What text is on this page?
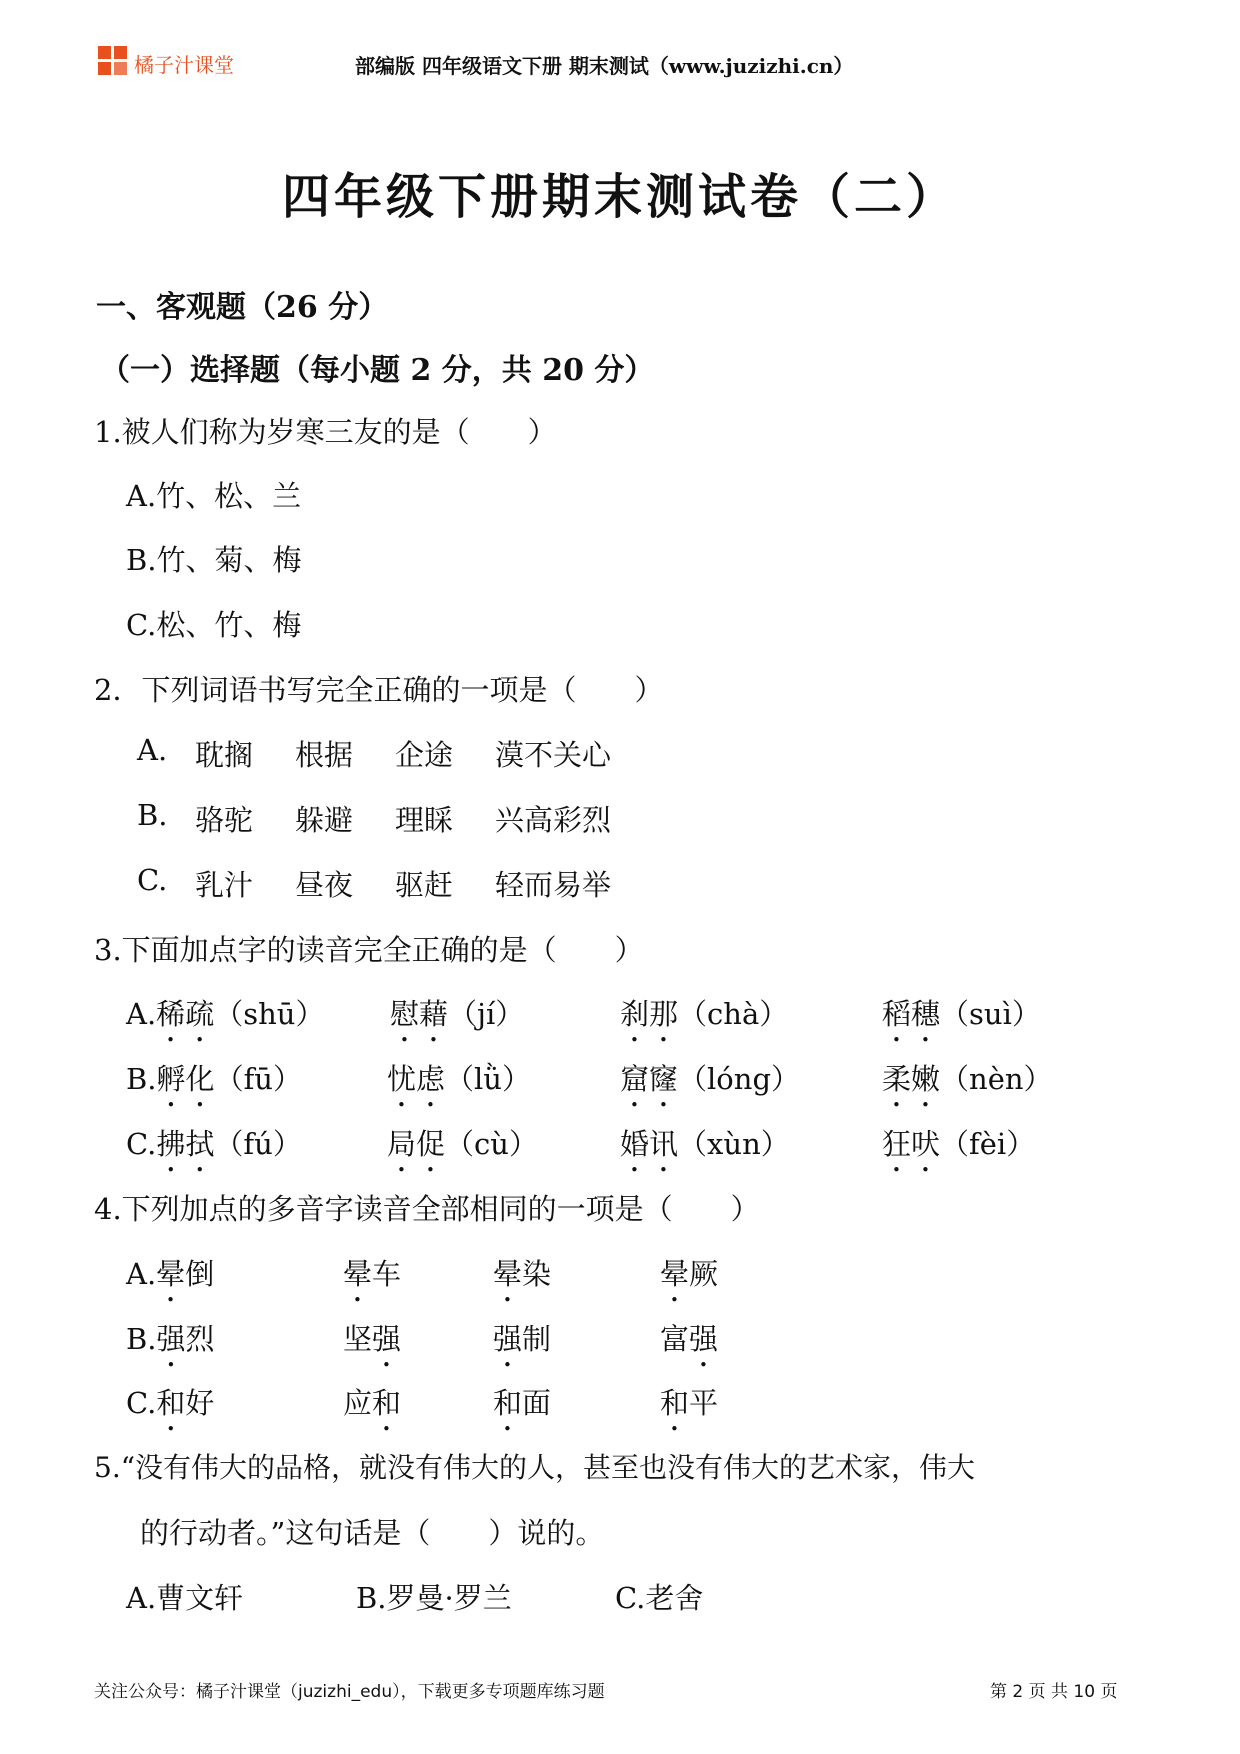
橘子汁课堂	部编版 四年级语文下册 期末测试（www.juzizhi.cn）
四年级下册期末测试卷（二）
一、客观题（26 分）
（一）选择题（每小题 2 分，共 20 分）
1.被人们称为岁寒三友的是（　　）
A.竹、松、兰
B.竹、菊、梅
C.松、竹、梅
2．下列词语书写完全正确的一项是（　　）
A. 耽搁 根据 企途 漠不关心
B. 骆驼 躲避 理睬 兴高彩烈
C. 乳汁 昼夜 驱赶 轻而易举
3.下面加点字的读音完全正确的是（　　）
A.稀疏（shū） 慰藉（jí）	刹那（chà）	稻穗（suì）
B.孵化（fū）	忧虑（lǜ）	窟窿（lóng）	柔嫩（nèn）
C.拂拭（fú）	局促（cù）	婚讯（xùn）	狂吠（fèi）
4.下列加点的多音字读音全部相同的一项是（　　）
A.晕倒	晕车	晕染	晕厥
B.强烈	坚强	强制	富强
C.和好	应和	和面	和平
5.“没有伟大的品格，就没有伟大的人，甚至也没有伟大的艺术家，伟大
的行动者。”这句话是（　　）说的。
A.曹文轩	B.罗曼·罗兰	C.老舍
关注公众号：橘子汁课堂（juzizhi_edu），下载更多专项题库练习题	第 2 页 共 10 页
